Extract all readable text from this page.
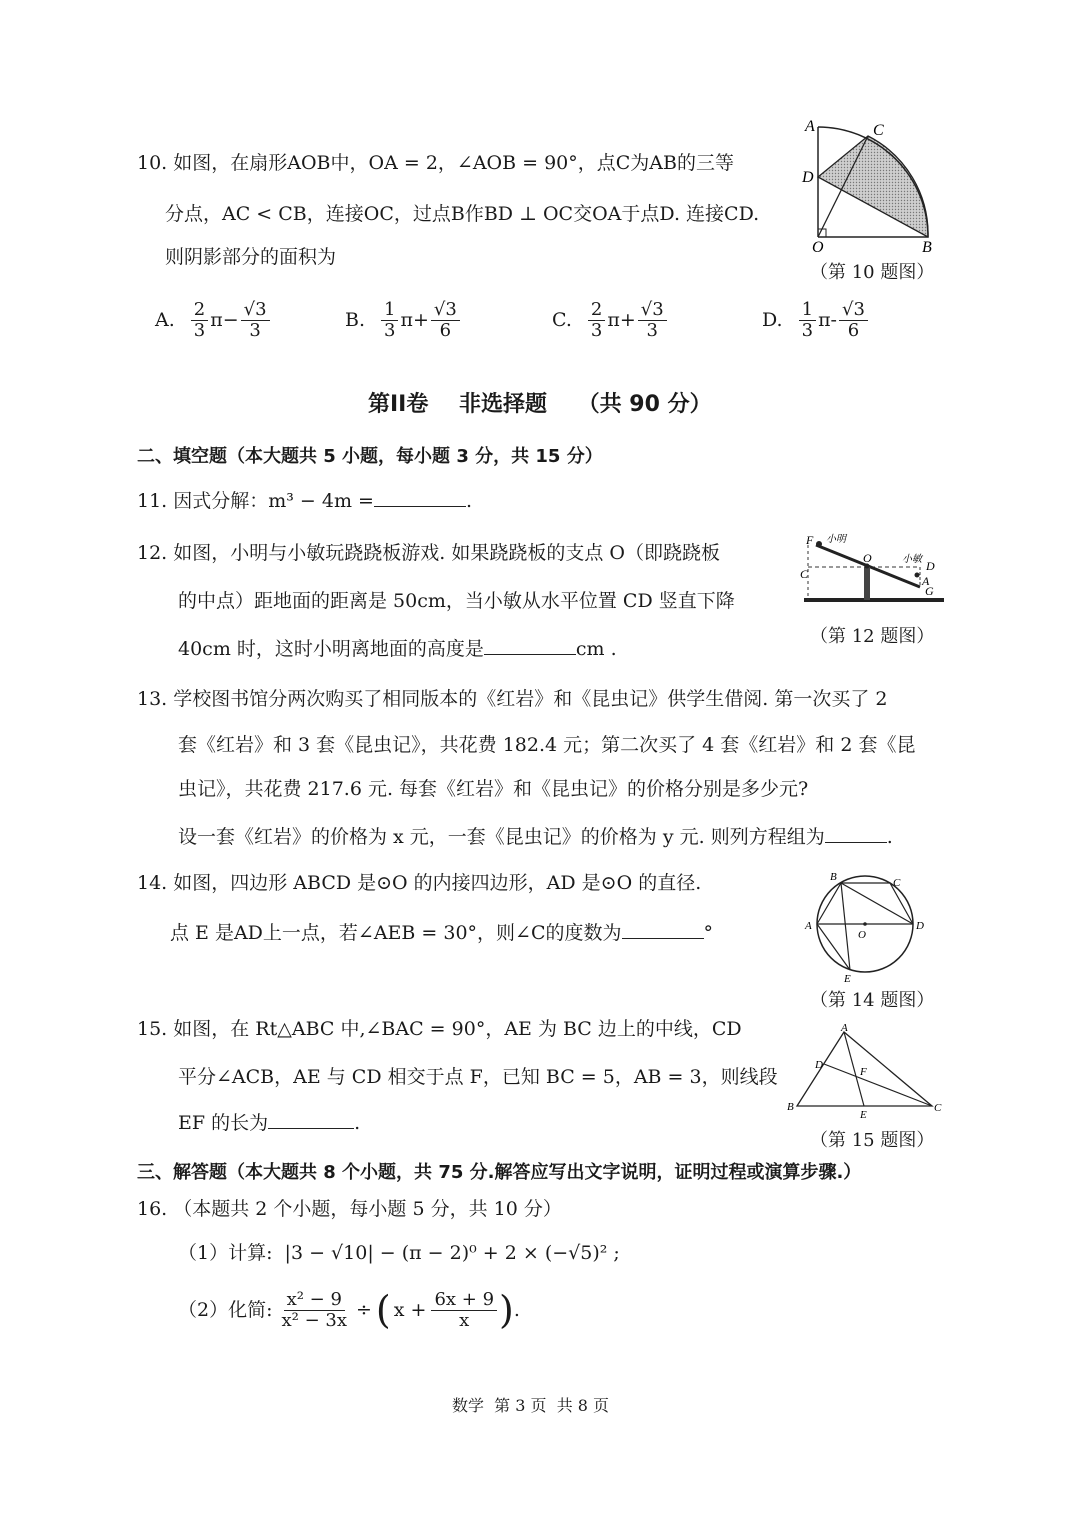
10. 如图，在扇形AOB中，OA = 2，∠AOB = 90°，点C为AB的三等
分点，AC < CB，连接OC，过点B作BD ⊥ OC交OA于点D. 连接CD.
则阴影部分的面积为
A	C
D
O	B
（第 10 题图）
A. $\frac{2}{3} \pi- \frac{√3}{3}$	B. $\frac{1}{3} \pi+ \frac{√3}{6}$	C. $\frac{2}{3} \pi+ \frac{√3}{3}$	D. $\frac{1}{3} \pi- \frac{√3}{6}$
第II卷    非选择题    （共 90 分）
二、填空题（本大题共 5 小题，每小题 3 分，共 15 分）
11. 因式分解：m³ − 4m =	.
12. 如图，小明与小敏玩跷跷板游戏. 如果跷跷板的支点 O（即跷跷板
的中点）距地面的距离是 50cm，当小敏从水平位置 CD 竖直下降
40cm 时，这时小明离地面的高度是	cm .
F 小明
O	小敏
C
D
A
G
（第 12 题图）
13. 学校图书馆分两次购买了相同版本的《红岩》和《昆虫记》供学生借阅. 第一次买了 2
套《红岩》和 3 套《昆虫记》，共花费 182.4 元；第二次买了 4 套《红岩》和 2 套《昆
虫记》，共花费 217.6 元. 每套《红岩》和《昆虫记》的价格分别是多少元?
设一套《红岩》的价格为 x 元，一套《昆虫记》的价格为 y 元. 则列方程组为	.
14. 如图，四边形 ABCD 是⊙O 的内接四边形，AD 是⊙O 的直径.
点 E 是AD上一点，若∠AEB = 30°，则∠C的度数为	°
B	C
A
O
D
E
（第 14 题图）
15. 如图，在 Rt△ABC 中,∠BAC = 90°，AE 为 BC 边上的中线，CD
平分∠ACB，AE 与 CD 相交于点 F，已知 BC = 5，AB = 3，则线段
EF 的长为	.
A
D
F
B
E
C
（第 15 题图）
三、解答题（本大题共 8 个小题，共 75 分.解答应写出文字说明，证明过程或演算步骤.）
16. （本题共 2 个小题，每小题 5 分，共 10 分）
（1）计算: |3 − √10| − (π − 2)⁰ + 2 × (−√5)² ;
（2）化简: $\frac{\text{x² − 9}}{\text{x² − 3x}}$ ÷ ( $x + \frac{6x + 9}{x}$ ) .
数学  第 3 页  共 8 页
